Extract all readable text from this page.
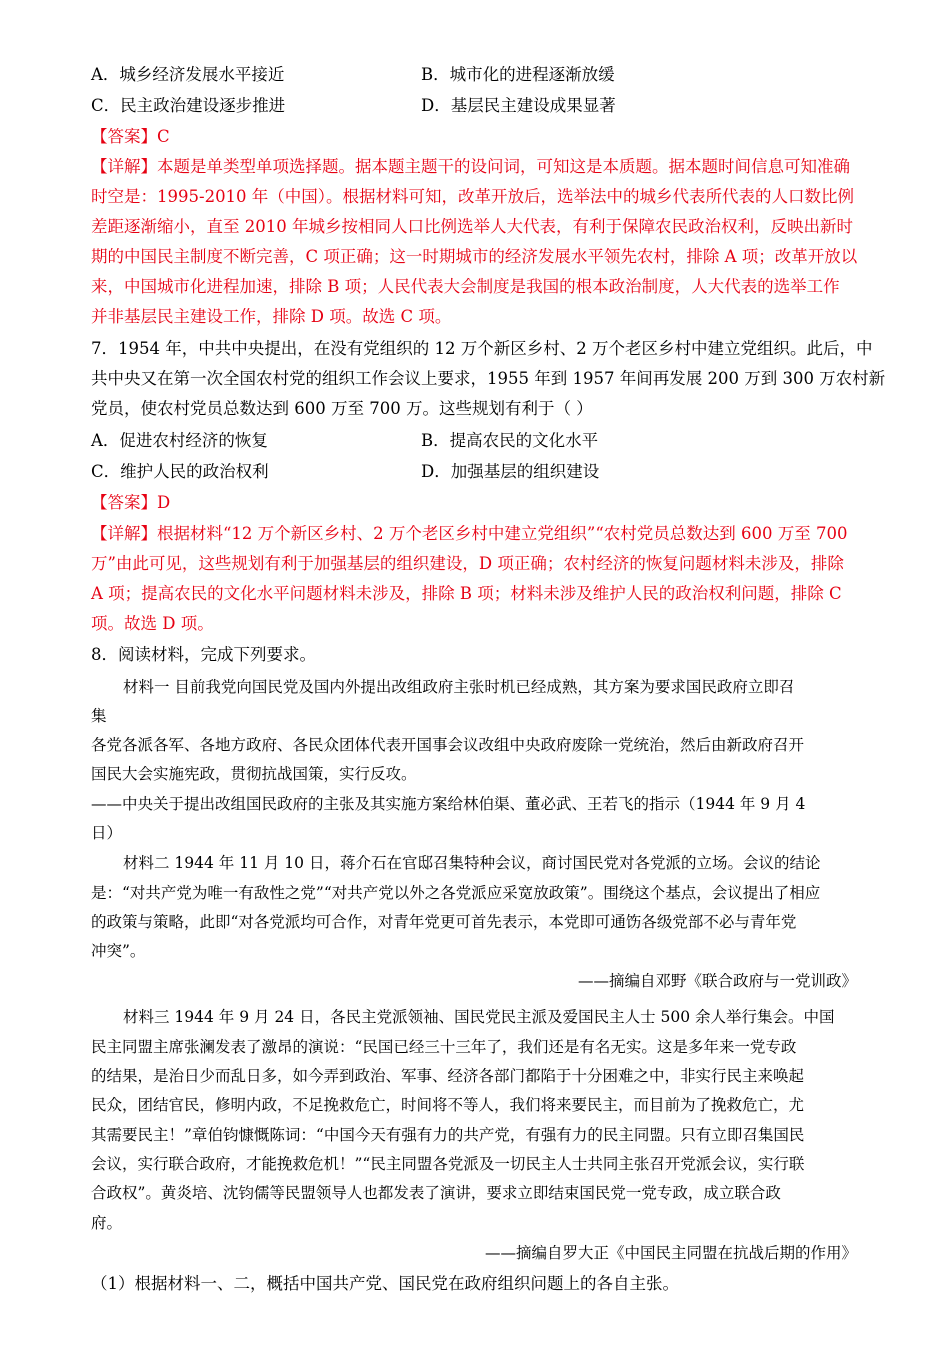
A．城乡经济发展水平接近	B．城市化的进程逐渐放缓
C．民主政治建设逐步推进	D．基层民主建设成果显著
【答案】C
【详解】本题是单类型单项选择题。据本题主题干的设问词，可知这是本质题。据本题时间信息可知准确
时空是：1995-2010 年（中国）。根据材料可知，改革开放后，选举法中的城乡代表所代表的人口数比例
差距逐渐缩小，直至 2010 年城乡按相同人口比例选举人大代表，有利于保障农民政治权利，反映出新时
期的中国民主制度不断完善，C 项正确；这一时期城市的经济发展水平领先农村，排除 A 项；改革开放以
来，中国城市化进程加速，排除 B 项；人民代表大会制度是我国的根本政治制度，人大代表的选举工作
并非基层民主建设工作，排除 D 项。故选 C 项。
7．1954 年，中共中央提出，在没有党组织的 12 万个新区乡村、2 万个老区乡村中建立党组织。此后，中
共中央又在第一次全国农村党的组织工作会议上要求，1955 年到 1957 年间再发展 200 万到 300 万农村新
党员，使农村党员总数达到 600 万至 700 万。这些规划有利于（ ）
A．促进农村经济的恢复	B．提高农民的文化水平
C．维护人民的政治权利	D．加强基层的组织建设
【答案】D
【详解】根据材料“12 万个新区乡村、2 万个老区乡村中建立党组织”“农村党员总数达到 600 万至 700
万”由此可见，这些规划有利于加强基层的组织建设，D 项正确；农村经济的恢复问题材料未涉及，排除
A 项；提高农民的文化水平问题材料未涉及，排除 B 项；材料未涉及维护人民的政治权利问题，排除 C
项。故选 D 项。
8．阅读材料，完成下列要求。
材料一 目前我党向国民党及国内外提出改组政府主张时机已经成熟，其方案为要求国民政府立即召
集
各党各派各军、各地方政府、各民众团体代表开国事会议改组中央政府废除一党统治，然后由新政府召开
国民大会实施宪政，贯彻抗战国策，实行反攻。
——中央关于提出改组国民政府的主张及其实施方案给林伯渠、董必武、王若飞的指示（1944 年 9 月 4
日）
材料二 1944 年 11 月 10 日，蒋介石在官邸召集特种会议，商讨国民党对各党派的立场。会议的结论
是：“对共产党为唯一有敌性之党”“对共产党以外之各党派应采宽放政策”。围绕这个基点，会议提出了相应
的政策与策略，此即“对各党派均可合作，对青年党更可首先表示，本党即可通饬各级党部不必与青年党
冲突”。
——摘编自邓野《联合政府与一党训政》
材料三 1944 年 9 月 24 日，各民主党派领袖、国民党民主派及爱国民主人士 500 余人举行集会。中国
民主同盟主席张澜发表了激昂的演说：“民国已经三十三年了，我们还是有名无实。这是多年来一党专政
的结果，是治日少而乱日多，如今弄到政治、军事、经济各部门都陷于十分困难之中，非实行民主来唤起
民众，团结官民，修明内政，不足挽救危亡，时间将不等人，我们将来要民主，而目前为了挽救危亡，尤
其需要民主！”章伯钧慷慨陈词：“中国今天有强有力的共产党，有强有力的民主同盟。只有立即召集国民
会议，实行联合政府，才能挽救危机！”“民主同盟各党派及一切民主人士共同主张召开党派会议，实行联
合政权”。黄炎培、沈钧儒等民盟领导人也都发表了演讲，要求立即结束国民党一党专政，成立联合政
府。
——摘编自罗大正《中国民主同盟在抗战后期的作用》
（1）根据材料一、二，概括中国共产党、国民党在政府组织问题上的各自主张。
